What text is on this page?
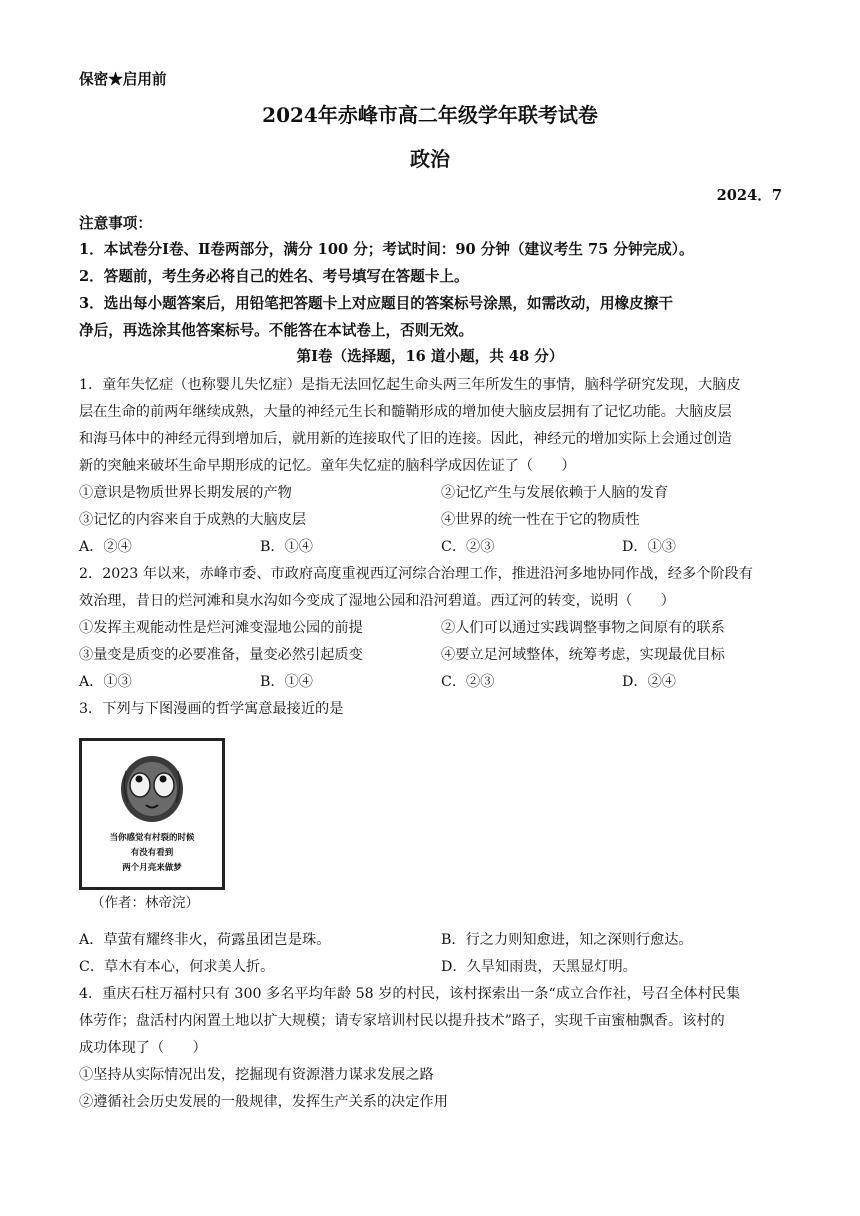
保密★启用前
2024年赤峰市高二年级学年联考试卷
政治
2024．7
注意事项：
1．本试卷分Ⅰ卷、Ⅱ卷两部分，满分 100 分；考试时间：90 分钟（建议考生 75 分钟完成）。
2．答题前，考生务必将自己的姓名、考号填写在答题卡上。
3．选出每小题答案后，用铅笔把答题卡上对应题目的答案标号涂黑，如需改动，用橡皮擦干
净后，再选涂其他答案标号。不能答在本试卷上，否则无效。
第Ⅰ卷（选择题，16 道小题，共 48 分）
1．童年失忆症（也称婴儿失忆症）是指无法回忆起生命头两三年所发生的事情，脑科学研究发现，大脑皮
层在生命的前两年继续成熟，大量的神经元生长和髓鞘形成的增加使大脑皮层拥有了记忆功能。大脑皮层
和海马体中的神经元得到增加后，就用新的连接取代了旧的连接。因此，神经元的增加实际上会通过创造
新的突触来破坏生命早期形成的记忆。童年失忆症的脑科学成因佐证了（　　）
①意识是物质世界长期发展的产物	②记忆产生与发展依赖于人脑的发育
③记忆的内容来自于成熟的大脑皮层	④世界的统一性在于它的物质性
A．②④	B．①④	C．②③	D．①③
2．2023 年以来，赤峰市委、市政府高度重视西辽河综合治理工作，推进沿河多地协同作战，经多个阶段有
效治理，昔日的烂河滩和臭水沟如今变成了湿地公园和沿河碧道。西辽河的转变，说明（　　）
①发挥主观能动性是烂河滩变湿地公园的前提	②人们可以通过实践调整事物之间原有的联系
③量变是质变的必要准备，量变必然引起质变	④要立足河域整体，统筹考虑，实现最优目标
A．①③	B．①④	C．②③	D．②④
3．下列与下图漫画的哲学寓意最接近的是
当你感觉有村裂的时候
有没有看到
两个月亮来做梦
（作者：林帝浣）
A．草萤有耀终非火，荷露虽团岂是珠。	B．行之力则知愈进，知之深则行愈达。
C．草木有本心，何求美人折。	D．久旱知雨贵，天黑显灯明。
4．重庆石柱万福村只有 300 多名平均年龄 58 岁的村民，该村探索出一条“成立合作社，号召全体村民集
体劳作；盘活村内闲置土地以扩大规模；请专家培训村民以提升技术”路子，实现千亩蜜柚飘香。该村的
成功体现了（　　）
①坚持从实际情况出发，挖掘现有资源潜力谋求发展之路
②遵循社会历史发展的一般规律，发挥生产关系的决定作用
